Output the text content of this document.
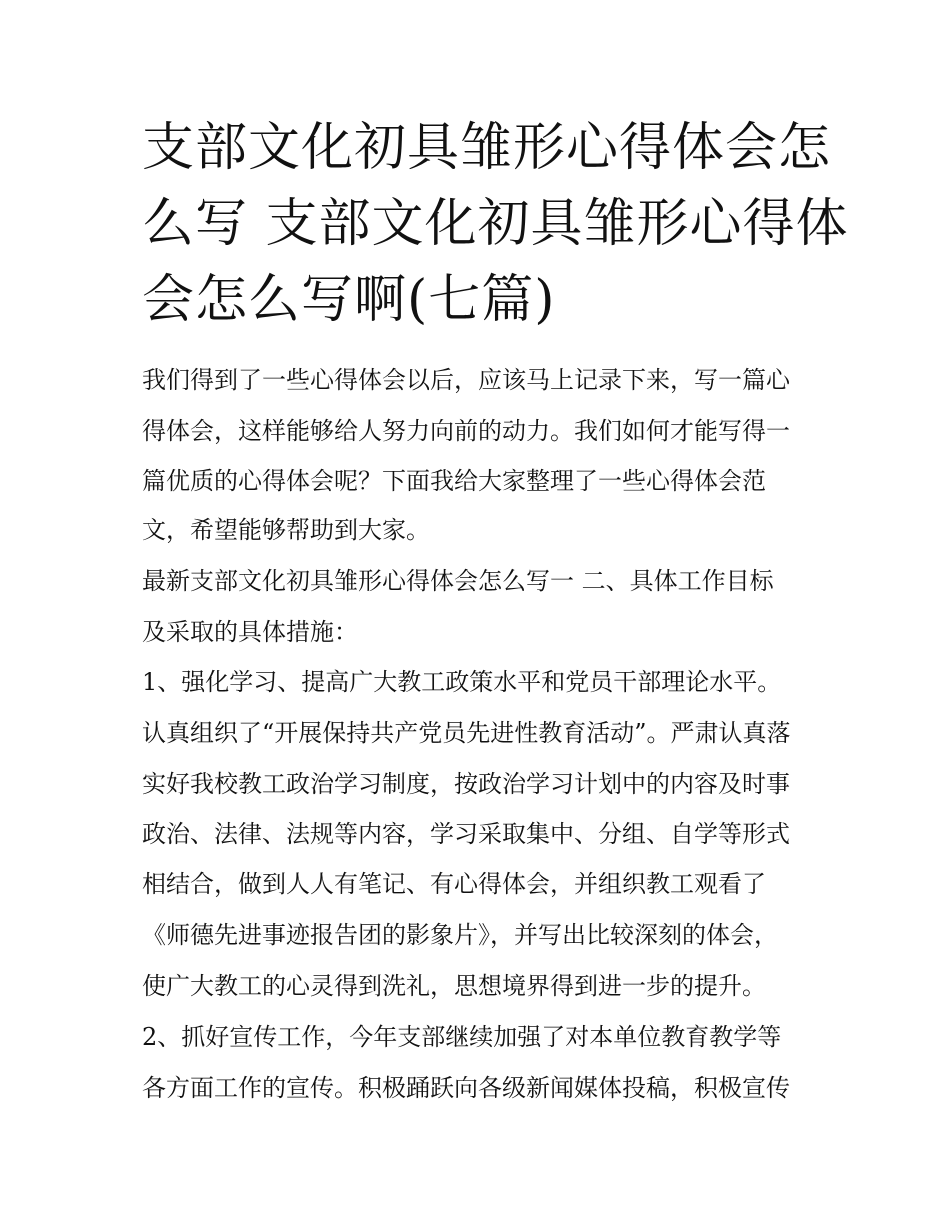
支部文化初具雏形心得体会怎
么写 支部文化初具雏形心得体
会怎么写啊(七篇)
我们得到了一些心得体会以后，应该马上记录下来，写一篇心
得体会，这样能够给人努力向前的动力。我们如何才能写得一
篇优质的心得体会呢？下面我给大家整理了一些心得体会范
文，希望能够帮助到大家。
最新支部文化初具雏形心得体会怎么写一 二、具体工作目标
及采取的具体措施：
1、强化学习、提高广大教工政策水平和党员干部理论水平。
认真组织了“开展保持共产党员先进性教育活动”。严肃认真落
实好我校教工政治学习制度，按政治学习计划中的内容及时事
政治、法律、法规等内容，学习采取集中、分组、自学等形式
相结合，做到人人有笔记、有心得体会，并组织教工观看了
《师德先进事迹报告团的影象片》，并写出比较深刻的体会，
使广大教工的心灵得到洗礼，思想境界得到进一步的提升。
2、抓好宣传工作，今年支部继续加强了对本单位教育教学等
各方面工作的宣传。积极踊跃向各级新闻媒体投稿，积极宣传
